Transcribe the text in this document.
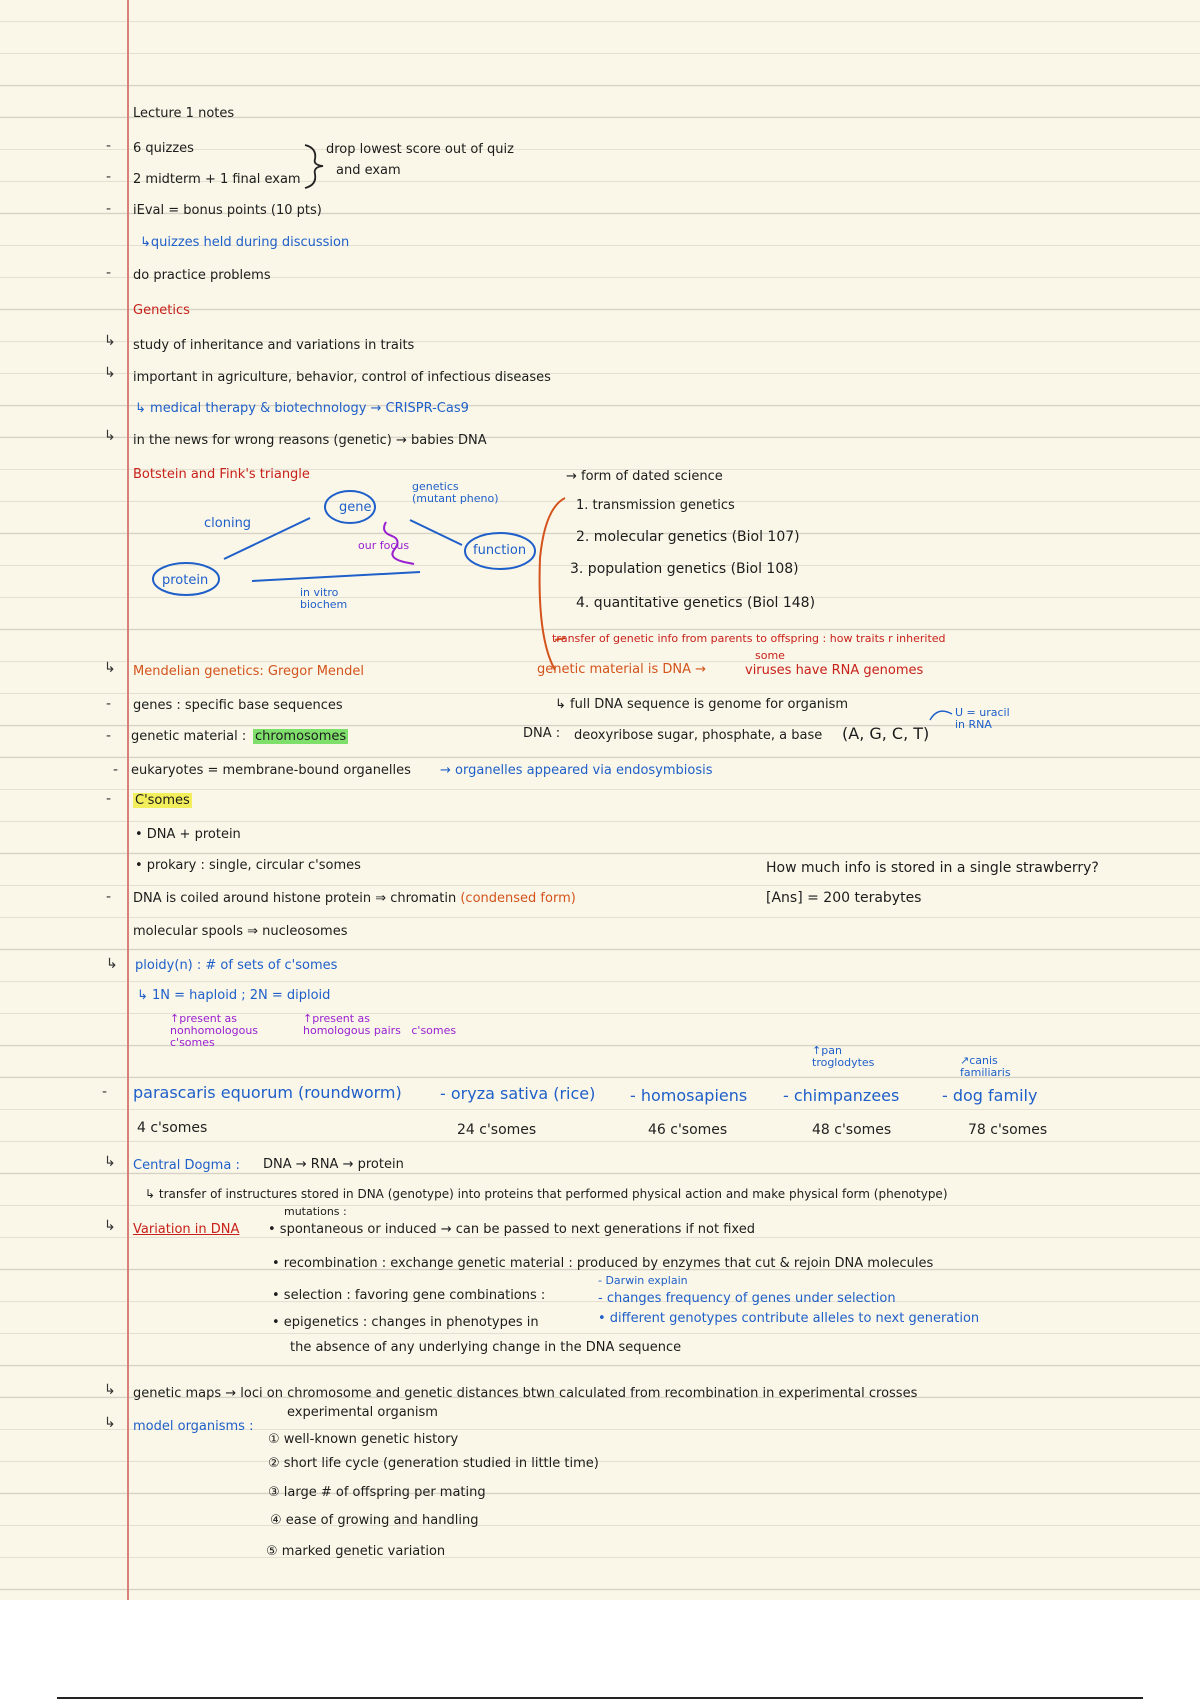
Lecture 1 notes
- 6 quizzes
- 2 midterm + 1 final exam
drop lowest score out of quiz
and exam
- iEval = bonus points (10 pts)
↳quizzes held during discussion
- do practice problems
Genetics
↳ study of inheritance and variations in traits
↳ important in agriculture, behavior, control of infectious diseases
↳ medical therapy & biotechnology → CRISPR-Cas9
↳ in the news for wrong reasons (genetic) → babies DNA
Botstein and Fink's triangle
gene
function
protein
cloning
genetics
(mutant pheno)
our focus
in vitro
biochem
→ form of dated science
1. transmission genetics
2. molecular genetics (Biol 107)
3. population genetics (Biol 108)
4. quantitative genetics (Biol 148)
transfer of genetic info from parents to offspring : how traits r inherited
genetic material is DNA →
some
viruses have RNA genomes
↳ Mendelian genetics: Gregor Mendel
- genes : specific base sequences	↳ full DNA sequence is genome for organism
- genetic material : chromosomes	DNA : deoxyribose sugar, phosphate, a base (A, G, C, T)
U = uracil
in RNA
- eukaryotes = membrane-bound organelles → organelles appeared via endosymbiosis
- C'somes
• DNA + protein
• prokary : single, circular c'somes
- DNA is coiled around histone protein ⇒ chromatin (condensed form)
molecular spools ⇒ nucleosomes
How much info is stored in a single strawberry?
[Ans] = 200 terabytes
↳ ploidy(n) : # of sets of c'somes
↳ 1N = haploid ; 2N = diploid
↑present as
nonhomologous
c'somes
↑present as
homologous pairs   c'somes
- parascaris equorum (roundworm)
4 c'somes
- oryza sativa (rice)
24 c'somes
- homosapiens
46 c'somes
↑pan
troglodytes
- chimpanzees
48 c'somes
↗canis
familiaris
- dog family
78 c'somes
↳ Central Dogma : DNA → RNA → protein
↳ transfer of instructures stored in DNA (genotype) into proteins that performed physical action and make physical form (phenotype)
mutations :
↳ Variation in DNA • spontaneous or induced → can be passed to next generations if not fixed
• recombination : exchange genetic material : produced by enzymes that cut & rejoin DNA molecules
- Darwin explain
• selection : favoring gene combinations :	- changes frequency of genes under selection
• epigenetics : changes in phenotypes in	• different genotypes contribute alleles to next generation
the absence of any underlying change in the DNA sequence
↳ genetic maps → loci on chromosome and genetic distances btwn calculated from recombination in experimental crosses
experimental organism
↳ model organisms :
① well-known genetic history
② short life cycle (generation studied in little time)
③ large # of offspring per mating
④ ease of growing and handling
⑤ marked genetic variation
